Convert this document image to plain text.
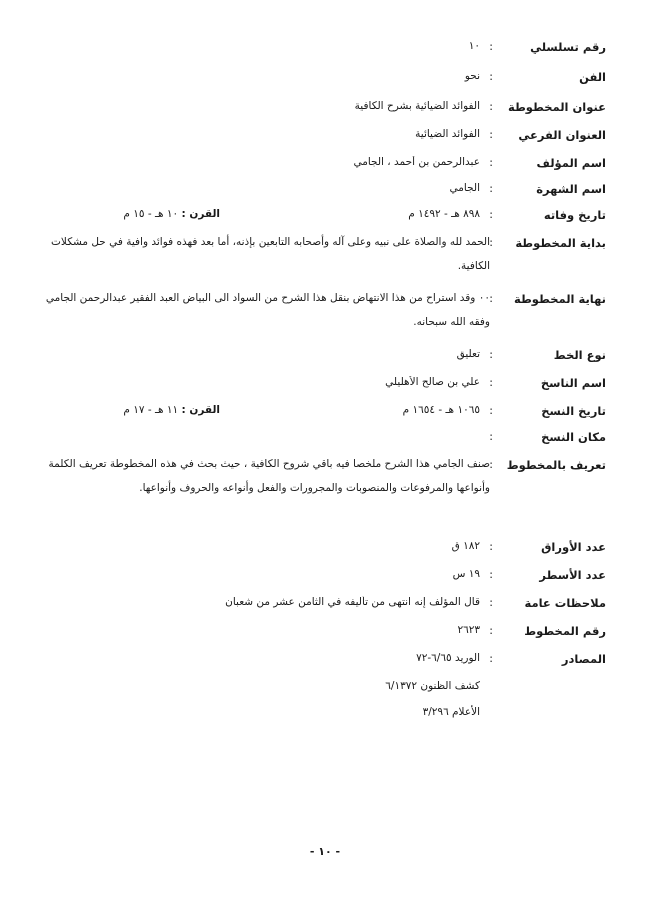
رقم تسلسلي
:
١٠
الفن
:
نحو
عنوان المخطوطة
:
الفوائد الضيائية بشرح الكافية
العنوان الفرعي
:
الفوائد الضيائية
اسم المؤلف
:
عبدالرحمن بن أحمد ، الجامي
اسم الشهرة
:
الجامي
تاريخ وفاته
:
٨٩٨ هـ - ١٤٩٢ م
القرن : ١٠ هـ - ١٥ م
بداية المخطوطة
:
الحمد لله والصلاة على نبيه وعلى آله وأصحابه التابعين بإذنه، أما بعد فهذه فوائد وافية في حل مشكلات الكافية.
نهاية المخطوطة
:
٠٠ وقد استراح من هذا الانتهاض بنقل هذا الشرح من السواد الى البياض العبد الفقير عبدالرحمن الجامي وفقه الله سبحانه.
نوع الخط
:
تعليق
اسم الناسخ
:
علي بن صالح الأهليلي
تاريخ النسخ
:
١٠٦٥ هـ - ١٦٥٤ م
القرن : ١١ هـ - ١٧ م
مكان النسخ
:
تعريف بالمخطوط
:
صنف الجامي هذا الشرح ملخصا فيه باقي شروح الكافية ، حيث بحث في هذه المخطوطة تعريف الكلمة وأنواعها والمرفوعات والمنصوبات والمجرورات والفعل وأنواعه والحروف وأنواعها.
عدد الأوراق
:
١٨٢ ق
عدد الأسطر
:
١٩ س
ملاحظات عامة
:
قال المؤلف إنه انتهى من تأليفه في الثامن عشر من شعبان
رقم المخطوط
:
٢٦٢٣
المصادر
:
الوريد ٦/٦٥-٧٢
كشف الظنون ٦/١٣٧٢
الأعلام ٣/٢٩٦
- ١٠ -
